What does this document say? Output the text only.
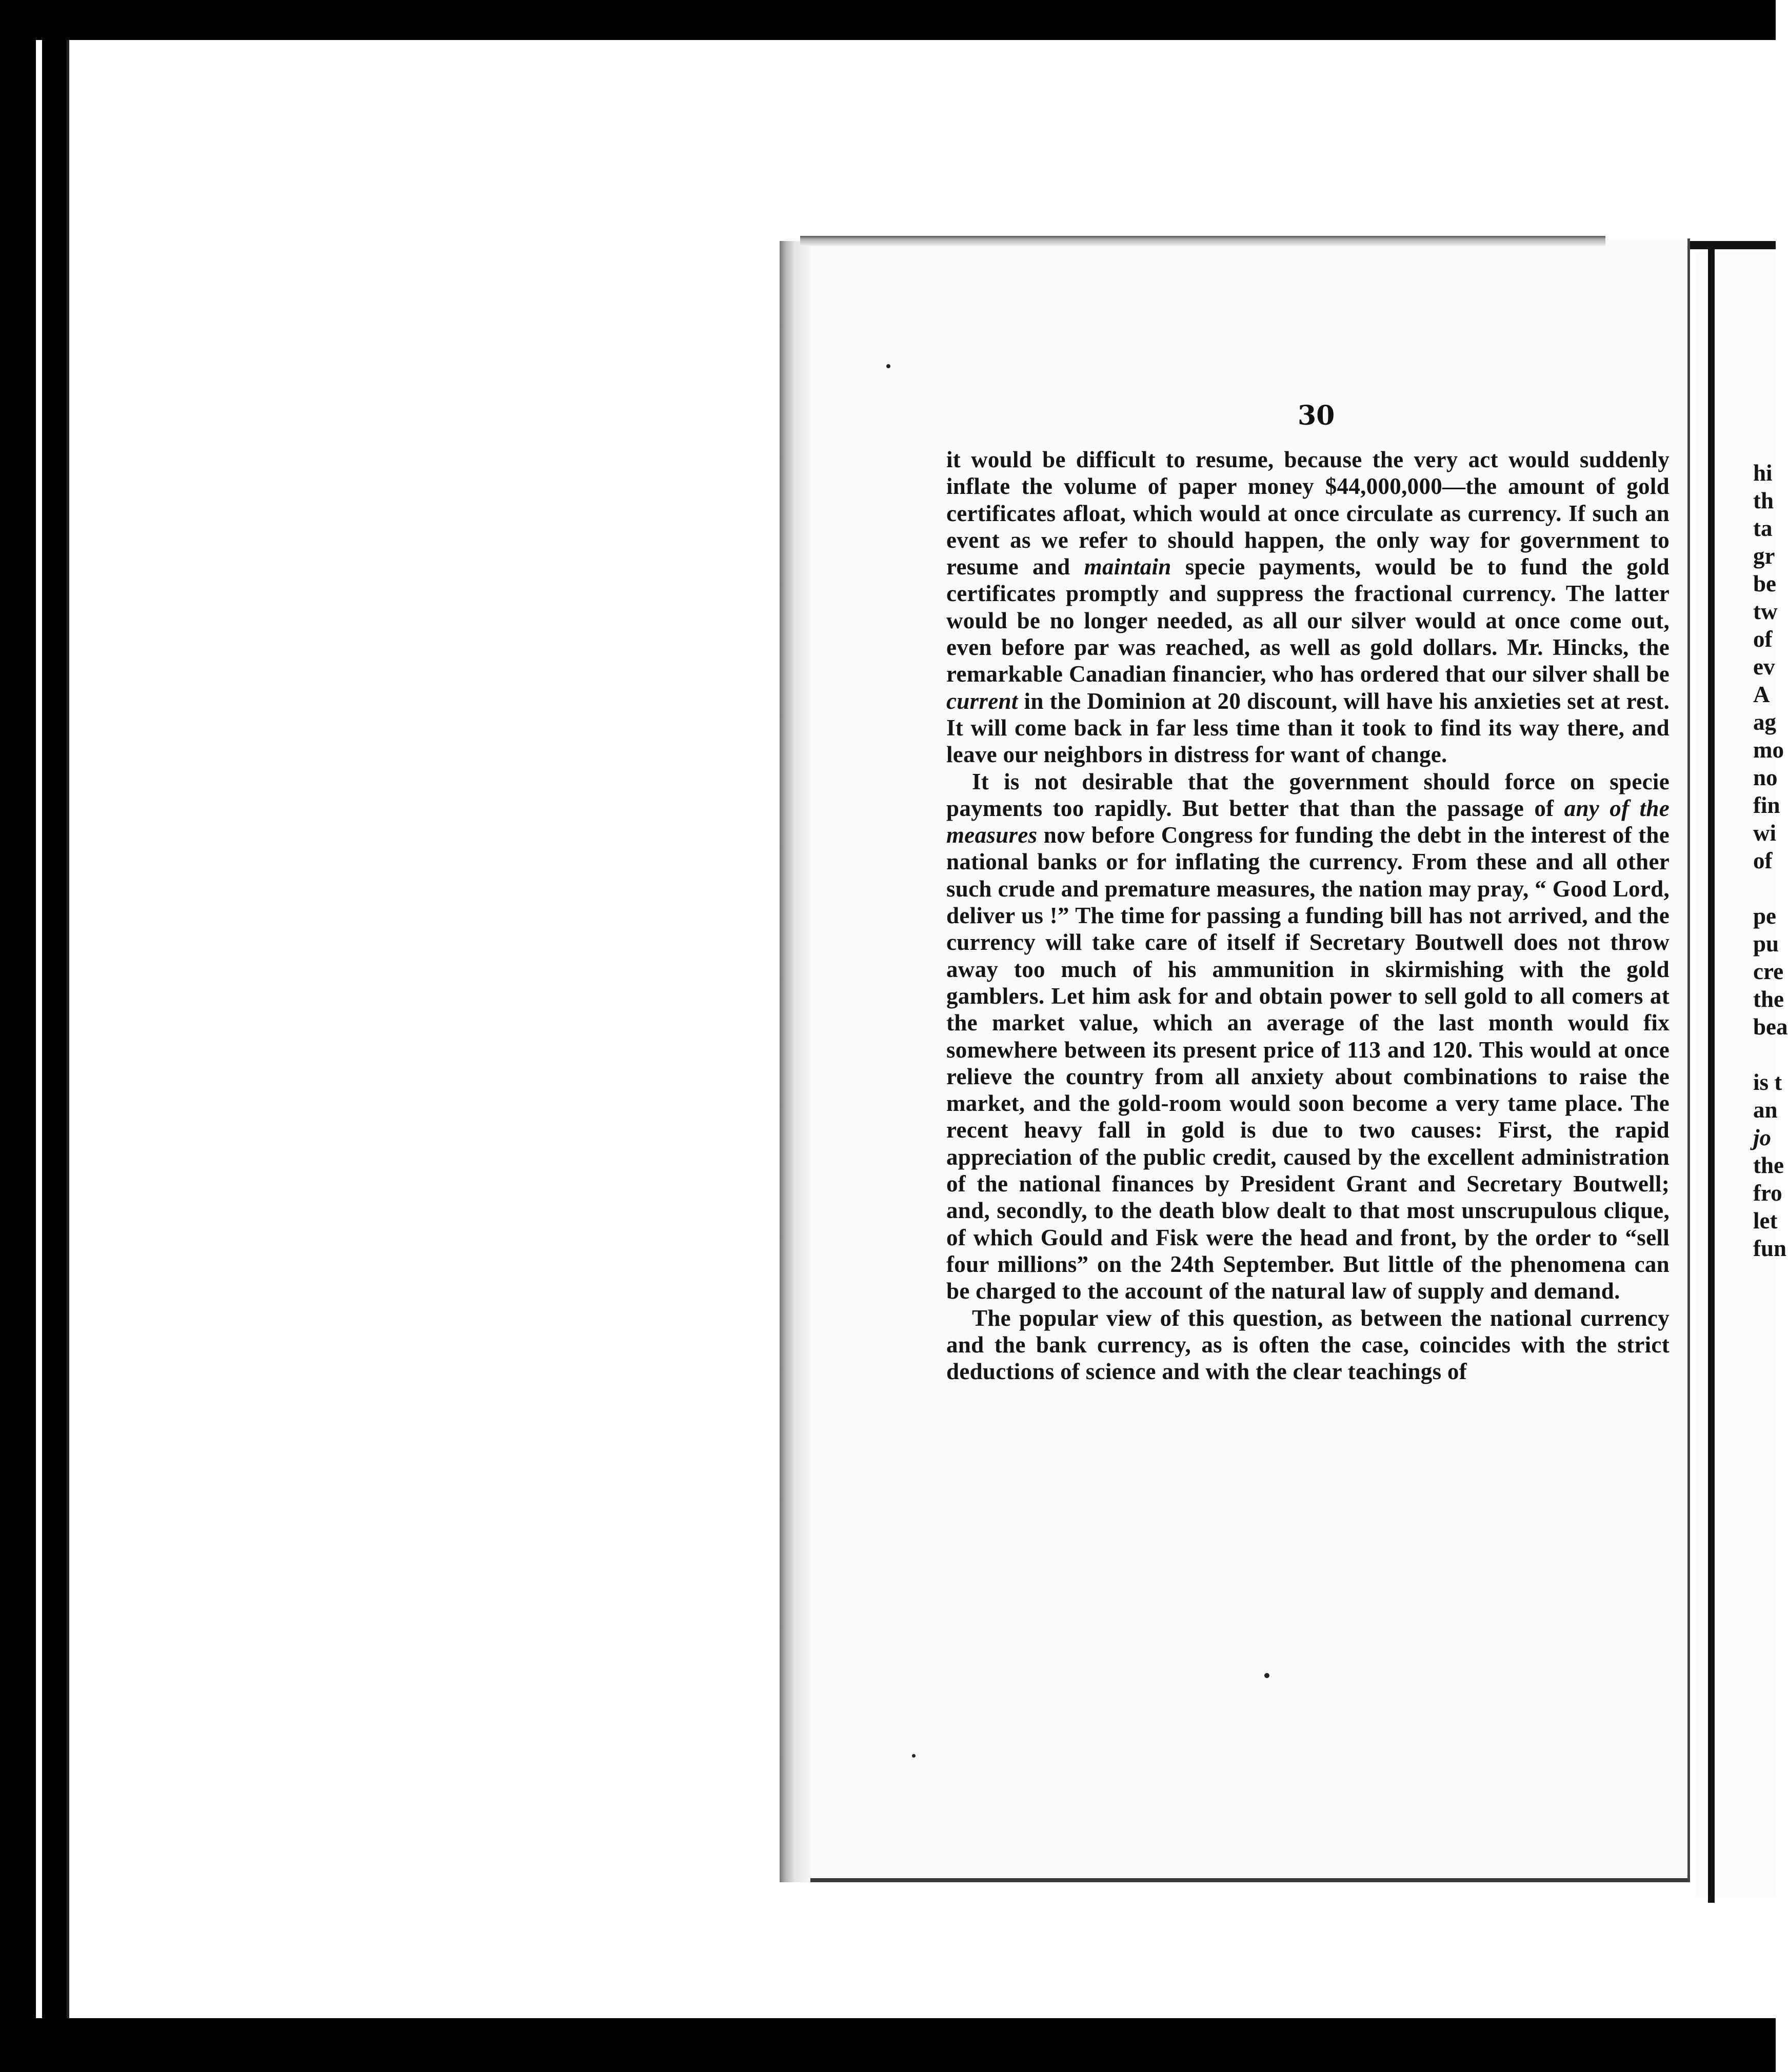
30

it would be difficult to resume, because the very act would suddenly inflate the volume of paper money $44,000,000—the amount of gold certificates afloat, which would at once circulate as currency. If such an event as we refer to should happen, the only way for government to resume and maintain specie payments, would be to fund the gold certificates promptly and suppress the fractional currency. The latter would be no longer needed, as all our silver would at once come out, even before par was reached, as well as gold dollars. Mr. Hincks, the remarkable Canadian financier, who has ordered that our silver shall be current in the Dominion at 20 discount, will have his anxieties set at rest. It will come back in far less time than it took to find its way there, and leave our neighbors in distress for want of change.

It is not desirable that the government should force on specie payments too rapidly. But better that than the passage of any of the measures now before Congress for funding the debt in the interest of the national banks or for inflating the currency. From these and all other such crude and premature measures, the nation may pray, “ Good Lord, deliver us !” The time for passing a funding bill has not arrived, and the currency will take care of itself if Secretary Boutwell does not throw away too much of his ammunition in skirmishing with the gold gamblers. Let him ask for and obtain power to sell gold to all comers at the market value, which an average of the last month would fix somewhere between its present price of 113 and 120. This would at once relieve the country from all anxiety about combinations to raise the market, and the gold-room would soon become a very tame place. The recent heavy fall in gold is due to two causes: First, the rapid appreciation of the public credit, caused by the excellent administration of the national finances by President Grant and Secretary Boutwell; and, secondly, to the death blow dealt to that most unscrupulous clique, of which Gould and Fisk were the head and front, by the order to “sell four millions” on the 24th September. But little of the phenomena can be charged to the account of the natural law of supply and demand.

The popular view of this question, as between the national currency and the bank currency, as is often the case, coincides with the strict deductions of science and with the clear teachings of

hi
th
ta
gr
be
tw
of
ev
A
ag
mo
no
fin
wi
of
pe
pu
cre
the
bea
is t
an
jo
the
fro
let
fun
